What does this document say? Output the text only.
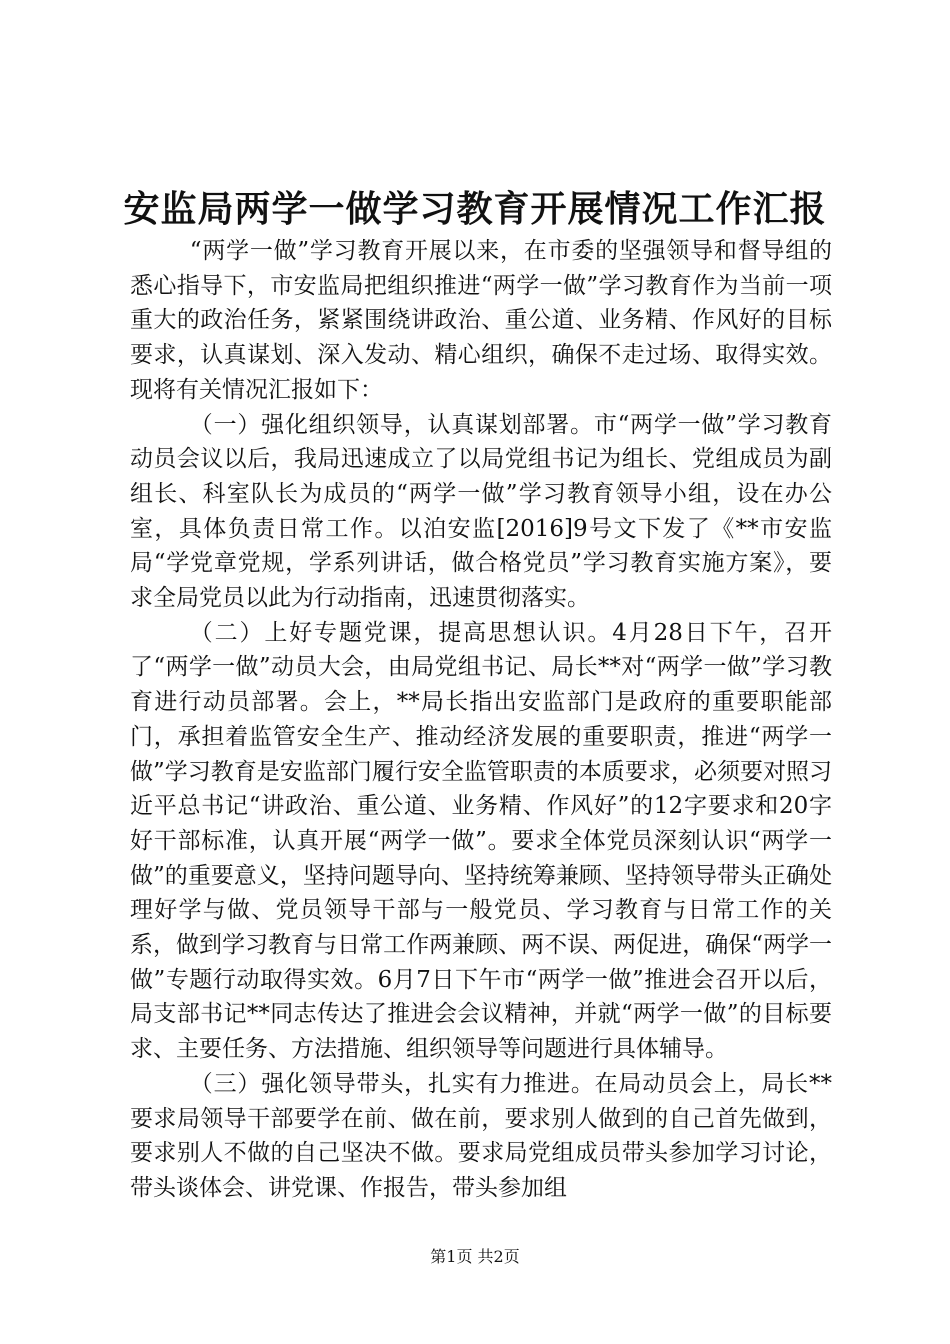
安监局两学一做学习教育开展情况工作汇报

“两学一做”学习教育开展以来，在市委的坚强领导和督导组的悉心指导下，市安监局把组织推进“两学一做”学习教育作为当前一项重大的政治任务，紧紧围绕讲政治、重公道、业务精、作风好的目标要求，认真谋划、深入发动、精心组织，确保不走过场、取得实效。现将有关情况汇报如下：

（一）强化组织领导，认真谋划部署。市“两学一做”学习教育动员会议以后，我局迅速成立了以局党组书记为组长、党组成员为副组长、科室队长为成员的“两学一做”学习教育领导小组，设在办公室，具体负责日常工作。以泊安监[2016]9号文下发了《**市安监局“学党章党规，学系列讲话，做合格党员”学习教育实施方案》，要求全局党员以此为行动指南，迅速贯彻落实。

（二）上好专题党课，提高思想认识。4月28日下午，召开了“两学一做”动员大会，由局党组书记、局长**对“两学一做”学习教育进行动员部署。会上，**局长指出安监部门是政府的重要职能部门，承担着监管安全生产、推动经济发展的重要职责，推进“两学一做”学习教育是安监部门履行安全监管职责的本质要求，必须要对照习近平总书记“讲政治、重公道、业务精、作风好”的12字要求和20字好干部标准，认真开展“两学一做”。要求全体党员深刻认识“两学一做”的重要意义，坚持问题导向、坚持统筹兼顾、坚持领导带头正确处理好学与做、党员领导干部与一般党员、学习教育与日常工作的关系，做到学习教育与日常工作两兼顾、两不误、两促进，确保“两学一做”专题行动取得实效。6月7日下午市“两学一做”推进会召开以后，局支部书记**同志传达了推进会会议精神，并就“两学一做”的目标要求、主要任务、方法措施、组织领导等问题进行具体辅导。

（三）强化领导带头，扎实有力推进。在局动员会上，局长**要求局领导干部要学在前、做在前，要求别人做到的自己首先做到，要求别人不做的自己坚决不做。要求局党组成员带头参加学习讨论，带头谈体会、讲党课、作报告，带头参加组

第1页 共2页
